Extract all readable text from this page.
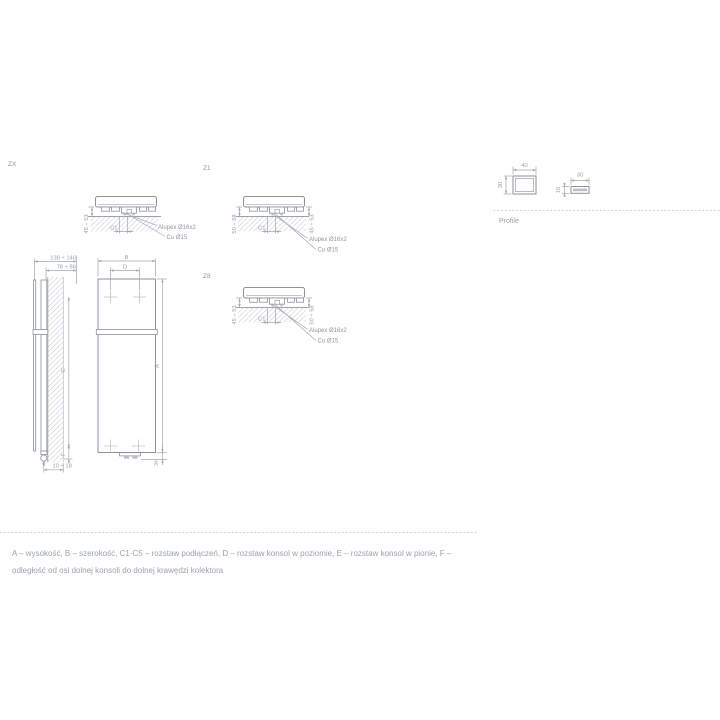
ZX
45 ÷ 53	C1	Alupex Ø16x2
Cu Ø15
Z1
50 ÷ 58	45 ÷ 53
C1
Alupex Ø16x2
Cu Ø15
Z8
45 ÷ 53	50 ÷ 58
C1
Alupex Ø16x2
Cu Ø15
40
30
30
10
Profile
138 ÷ 146
78 ÷ 86
E
F
10 ÷ 18
B
D
A
34
A – wysokość, B – szerokość, C1-C5 – rozstaw podłączeń, D – rozstaw konsol w poziomie, E – rozstaw konsol w pionie, F –
odległość od osi dolnej konsoli do dolnej krawędzi kolektora
